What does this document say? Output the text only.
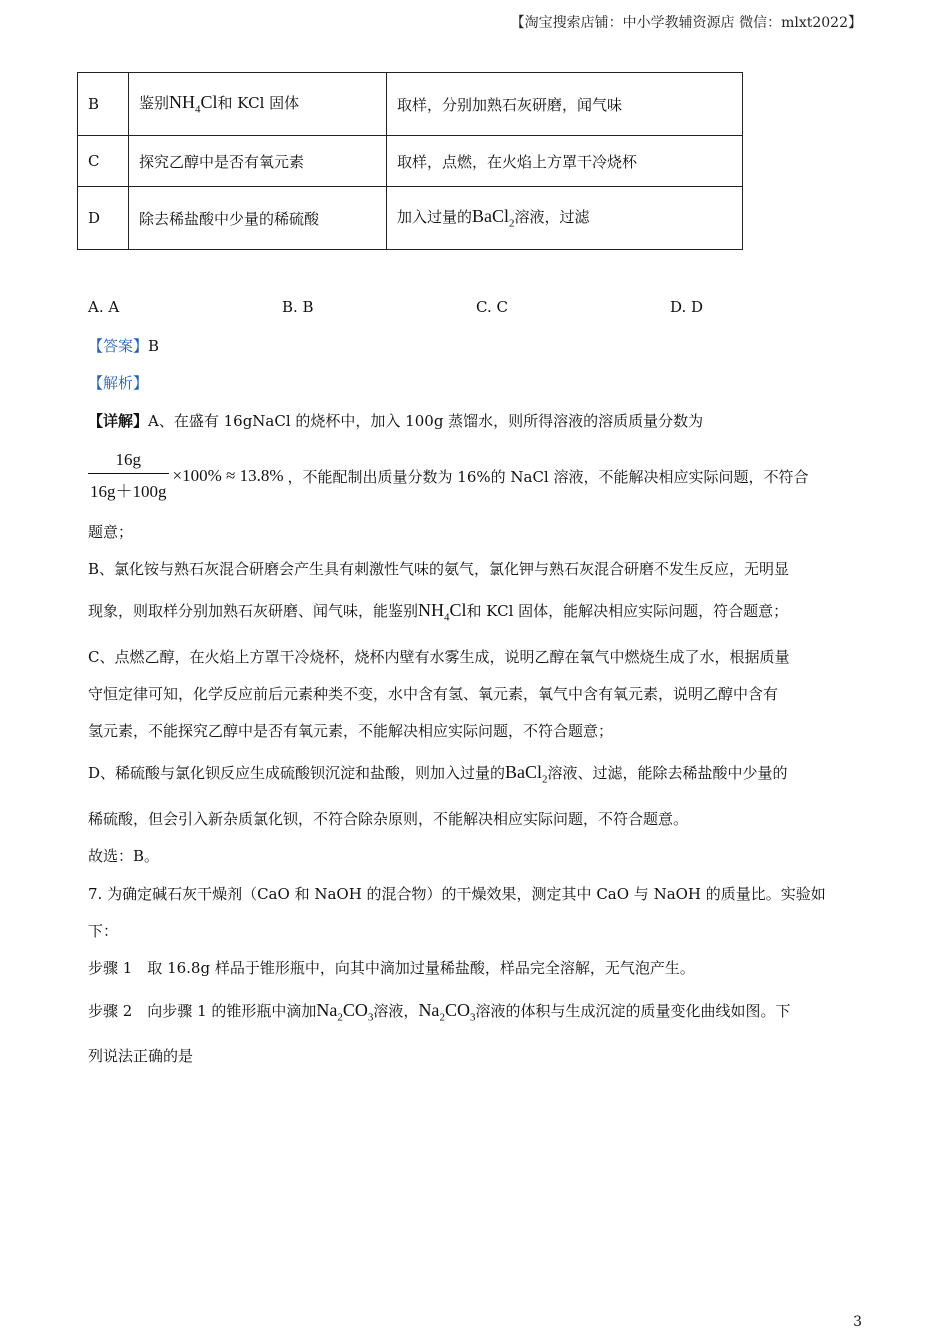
【淘宝搜索店铺：中小学教辅资源店 微信：mlxt2022】
B	鉴别$NH_4Cl$和 KCl 固体	取样，分别加熟石灰研磨，闻气味
C	探究乙醇中是否有氧元素	取样，点燃，在火焰上方罩干冷烧杯
D	除去稀盐酸中少量的稀硫酸	加入过量的BaCl$_2$溶液，过滤
A. A	B. B	C. C	D. D
【答案】B
【解析】
【详解】A、在盛有 16gNaCl 的烧杯中，加入 100g 蒸馏水，则所得溶液的溶质质量分数为
$\frac{16g}{16g+100g} \times 100\% \approx 13.8\%$ ，不能配制出质量分数为 16%的 NaCl 溶液，不能解决相应实际问题，不符合
题意；
B、氯化铵与熟石灰混合研磨会产生具有刺激性气味的氨气，氯化钾与熟石灰混合研磨不发生反应，无明显
现象，则取样分别加熟石灰研磨、闻气味，能鉴别$NH_4Cl$和 KCl 固体，能解决相应实际问题，符合题意；
C、点燃乙醇，在火焰上方罩干冷烧杯，烧杯内壁有水雾生成，说明乙醇在氧气中燃烧生成了水，根据质量
守恒定律可知，化学反应前后元素种类不变，水中含有氢、氧元素，氧气中含有氧元素，说明乙醇中含有
氢元素，不能探究乙醇中是否有氧元素，不能解决相应实际问题，不符合题意；
D、稀硫酸与氯化钡反应生成硫酸钡沉淀和盐酸，则加入过量的BaCl$_2$溶液、过滤，能除去稀盐酸中少量的
稀硫酸，但会引入新杂质氯化钡，不符合除杂原则，不能解决相应实际问题，不符合题意。
故选：B。
7. 为确定碱石灰干燥剂（CaO 和 NaOH 的混合物）的干燥效果，测定其中 CaO 与 NaOH 的质量比。实验如
下：
步骤 1　取 16.8g 样品于锥形瓶中，向其中滴加过量稀盐酸，样品完全溶解，无气泡产生。
步骤 2　向步骤 1 的锥形瓶中滴加$Na_2CO_3$溶液，$Na_2CO_3$溶液的体积与生成沉淀的质量变化曲线如图。下
列说法正确的是
3
